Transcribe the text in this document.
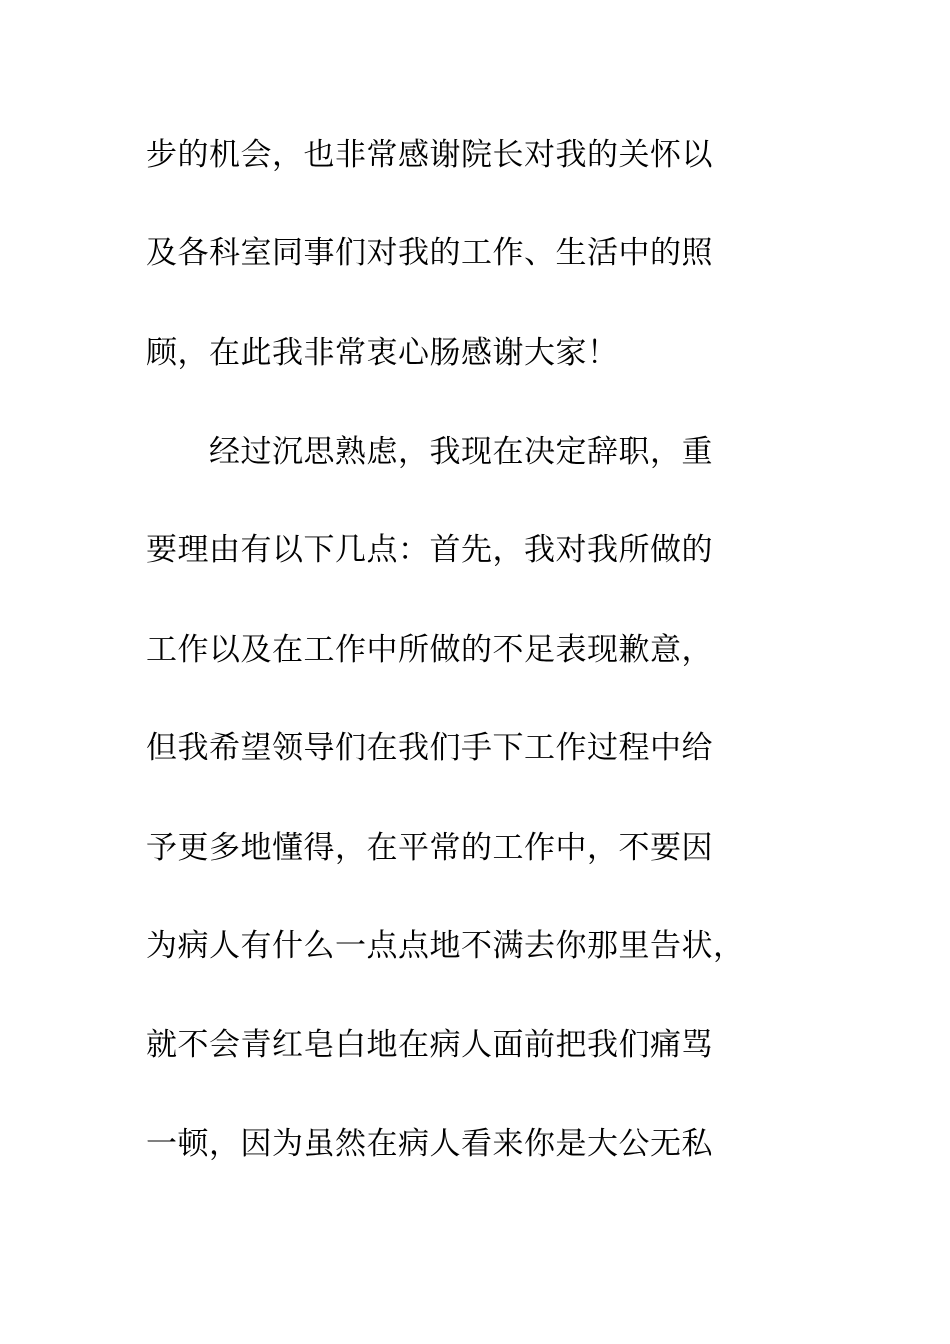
步的机会，也非常感谢院长对我的关怀以
及各科室同事们对我的工作、生活中的照
顾，在此我非常衷心肠感谢大家！
　　经过沉思熟虑，我现在决定辞职，重
要理由有以下几点：首先，我对我所做的
工作以及在工作中所做的不足表现歉意，
但我希望领导们在我们手下工作过程中给
予更多地懂得，在平常的工作中，不要因
为病人有什么一点点地不满去你那里告状，
就不会青红皂白地在病人面前把我们痛骂
一顿，因为虽然在病人看来你是大公无私
